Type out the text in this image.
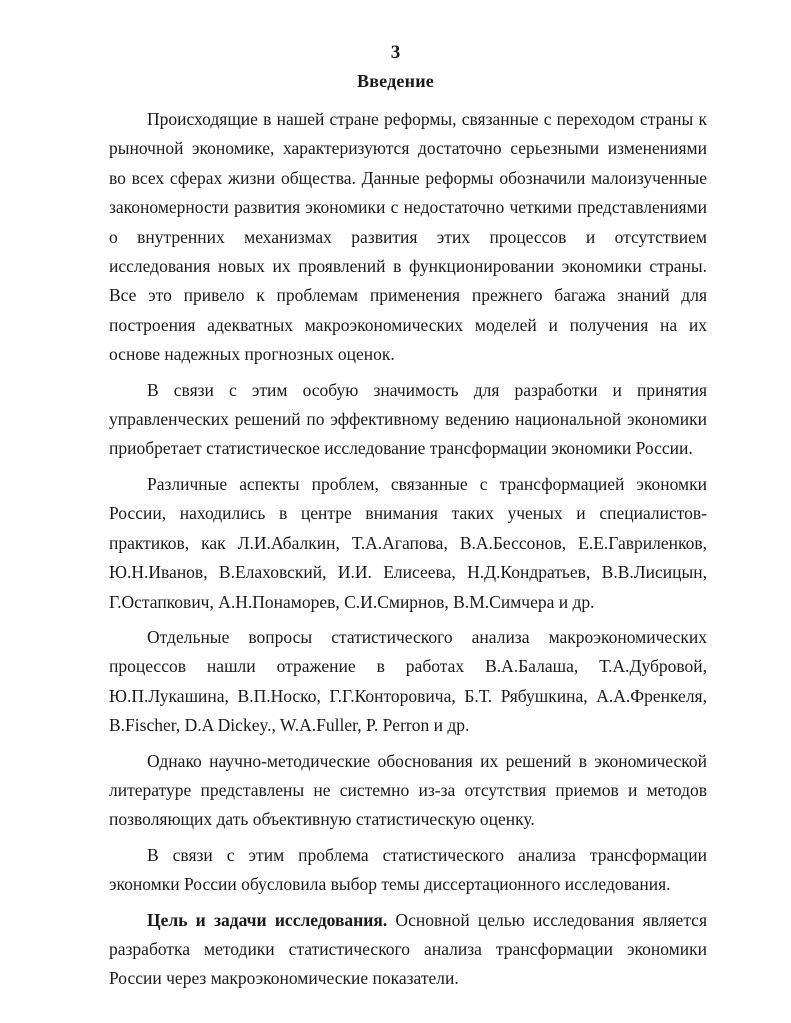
3
Введение

Происходящие в нашей стране реформы, связанные с переходом страны к рыночной экономике, характеризуются достаточно серьезными изменениями во всех сферах жизни общества. Данные реформы обозначили малоизученные закономерности развития экономики с недостаточно четкими представлениями о внутренних механизмах развития этих процессов и отсутствием исследования новых их проявлений в функционировании экономики страны. Все это привело к проблемам применения прежнего багажа знаний для построения адекватных макроэкономических моделей и получения на их основе надежных прогнозных оценок.

В связи с этим особую значимость для разработки и принятия управленческих решений по эффективному ведению национальной экономики приобретает статистическое исследование трансформации экономики России.

Различные аспекты проблем, связанные с трансформацией экономки России, находились в центре внимания таких ученых и специалистов-практиков, как Л.И.Абалкин, Т.А.Агапова, В.А.Бессонов, Е.Е.Гавриленков, Ю.Н.Иванов, В.Елаховский, И.И. Елисеева, Н.Д.Кондратьев, В.В.Лисицын, Г.Остапкович, А.Н.Понаморев, С.И.Смирнов, В.М.Симчера и др.

Отдельные вопросы статистического анализа макроэкономических процессов нашли отражение в работах В.А.Балаша, Т.А.Дубровой, Ю.П.Лукашина, В.П.Носко, Г.Г.Конторовича, Б.Т. Рябушкина, А.А.Френкеля, B.Fischer, D.A Dickey., W.A.Fuller, P. Perron и др.

Однако научно-методические обоснования их решений в экономической литературе представлены не системно из-за отсутствия приемов и методов позволяющих дать объективную статистическую оценку.

В связи с этим проблема статистического анализа трансформации экономки России обусловила выбор темы диссертационного исследования.

Цель и задачи исследования. Основной целью исследования является разработка методики статистического анализа трансформации экономики России через макроэкономические показатели.
